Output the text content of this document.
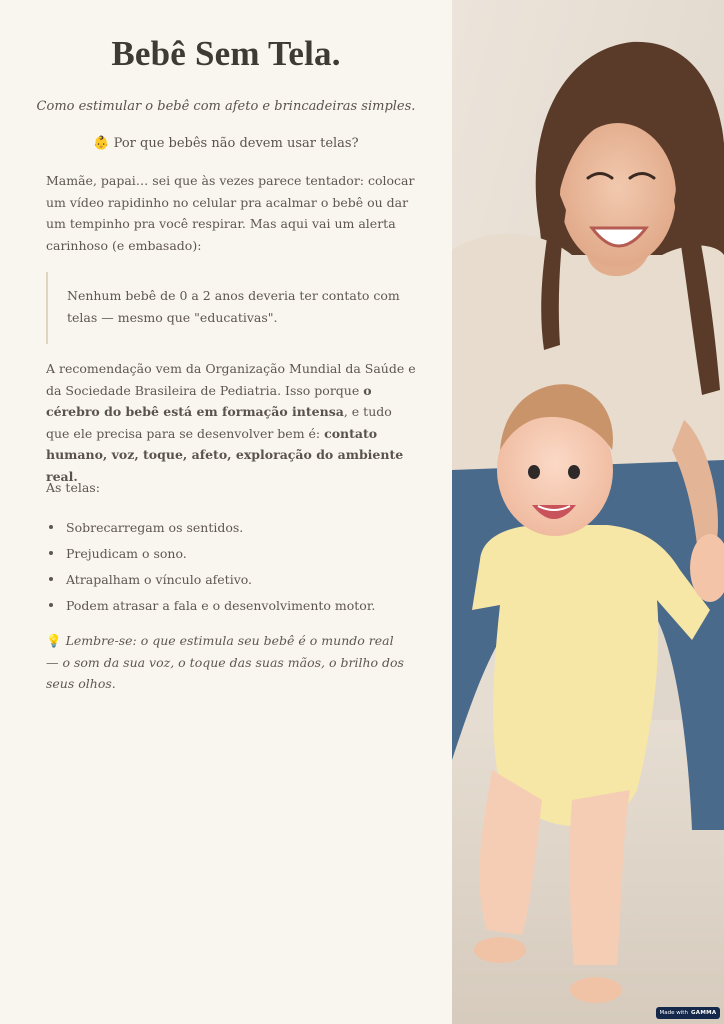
Bebê Sem Tela.

Como estimular o bebê com afeto e brincadeiras simples.

👶 Por que bebês não devem usar telas?

Mamãe, papai… sei que às vezes parece tentador: colocar um vídeo rapidinho no celular pra acalmar o bebê ou dar um tempinho pra você respirar. Mas aqui vai um alerta carinhoso (e embasado):

Nenhum bebê de 0 a 2 anos deveria ter contato com telas — mesmo que "educativas".

A recomendação vem da Organização Mundial da Saúde e da Sociedade Brasileira de Pediatria. Isso porque o cérebro do bebê está em formação intensa, e tudo que ele precisa para se desenvolver bem é: contato humano, voz, toque, afeto, exploração do ambiente real.

As telas:

Sobrecarregam os sentidos.
Prejudicam o sono.
Atrapalham o vínculo afetivo.
Podem atrasar a fala e o desenvolvimento motor.

💡 Lembre-se: o que estimula seu bebê é o mundo real — o som da sua voz, o toque das suas mãos, o brilho dos seus olhos.

Made with GAMMA
